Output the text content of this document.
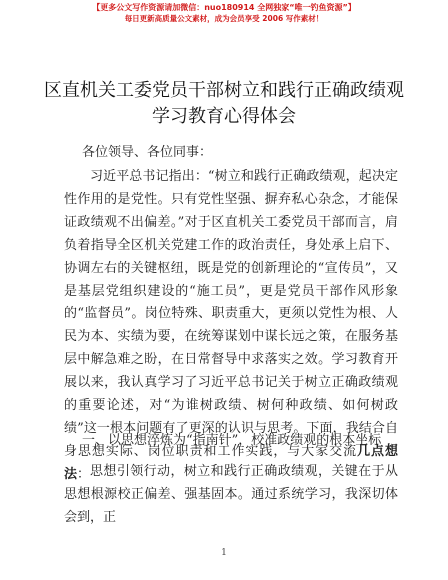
【更多公文写作资源请加微信：nuo180914 全网独家“唯一钓鱼资源”】
每日更新高质量公文素材，成为会员享受 2006 写作素材！
区直机关工委党员干部树立和践行正确政绩观
学习教育心得体会

各位领导、各位同事：

习近平总书记指出：“树立和践行正确政绩观，起决定性作用的是党性。只有党性坚强、摒弃私心杂念，才能保证政绩观不出偏差。”对于区直机关工委党员干部而言，肩负着指导全区机关党建工作的政治责任，身处承上启下、协调左右的关键枢纽，既是党的创新理论的“宣传员”，又是基层党组织建设的“施工员”，更是党员干部作风形象的“监督员”。岗位特殊、职责重大，更须以党性为根、人民为本、实绩为要，在统筹谋划中谋长远之策，在服务基层中解急难之盼，在日常督导中求落实之效。学习教育开展以来，我认真学习了习近平总书记关于树立正确政绩观的重要论述，对“为谁树政绩、树何种政绩、如何树政绩”这一根本问题有了更深的认识与思考。下面，我结合自身思想实际、岗位职责和工作实践，与大家交流几点想法：

一、以思想淬炼为“指南针”，校准政绩观的根本坐标

思想引领行动，树立和践行正确政绩观，关键在于从思想根源校正偏差、强基固本。通过系统学习，我深切体会到，正

1
